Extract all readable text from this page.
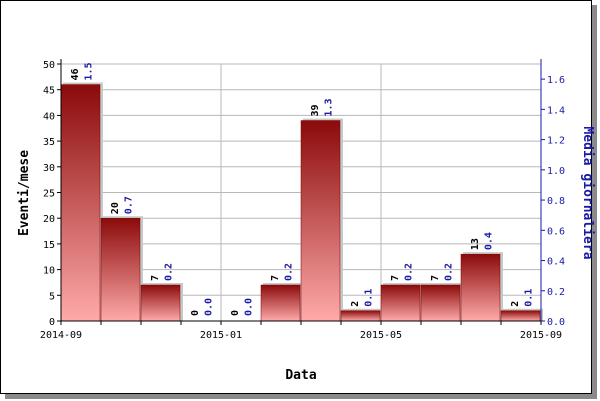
0
5
10
15
20
25
30
35
40
45
50
0.0
0.2
0.4
0.6
0.8
1.0
1.2
1.4
1.6
2014-09	2015-01	2015-05	2015-09
46 1.5
20 0.7
7 0.2
0 0.0 0 0.0
7 0.2
39 1.3
2 0.1
7 0.2 7 0.2
13 0.4
2 0.1
Data
Eventi/mese	Media giornaliera
